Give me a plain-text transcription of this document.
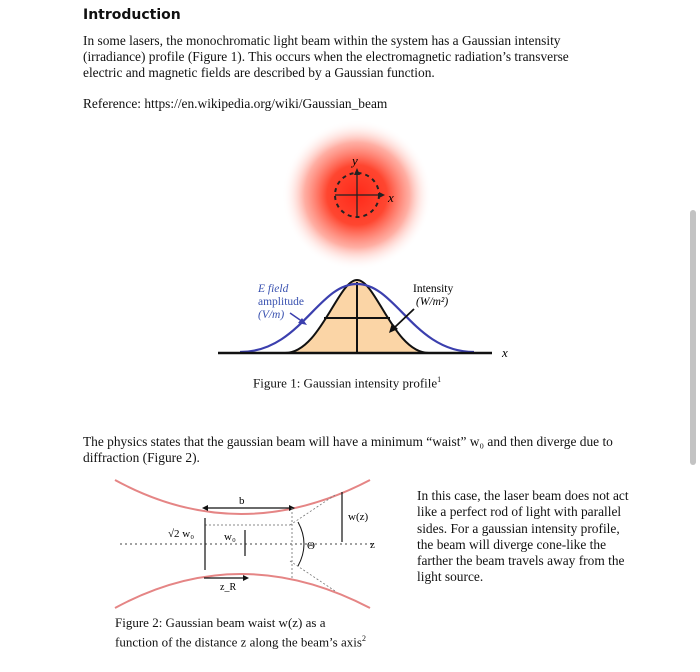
Introduction
In some lasers, the monochromatic light beam within the system has a Gaussian intensity (irradiance) profile (Figure 1). This occurs when the electromagnetic radiation’s transverse electric and magnetic fields are described by a Gaussian function.
Reference: https://en.wikipedia.org/wiki/Gaussian_beam
y
x
x
E field
amplitude
(V/m)
Intensity
(W/m²)
b
√2 w₀	w₀
Θ
w(z)
z
z_R
Figure 1: Gaussian intensity profile$^1$
The physics states that the gaussian beam will have a minimum “waist” w₀ and then diverge due to diffraction (Figure 2).
In this case, the laser beam does not act like a perfect rod of light with parallel sides. For a gaussian intensity profile, the beam will diverge cone-like the farther the beam travels away from the light source.
Figure 2: Gaussian beam waist w(z) as a
function of the distance z along the beam’s axis$^2$
